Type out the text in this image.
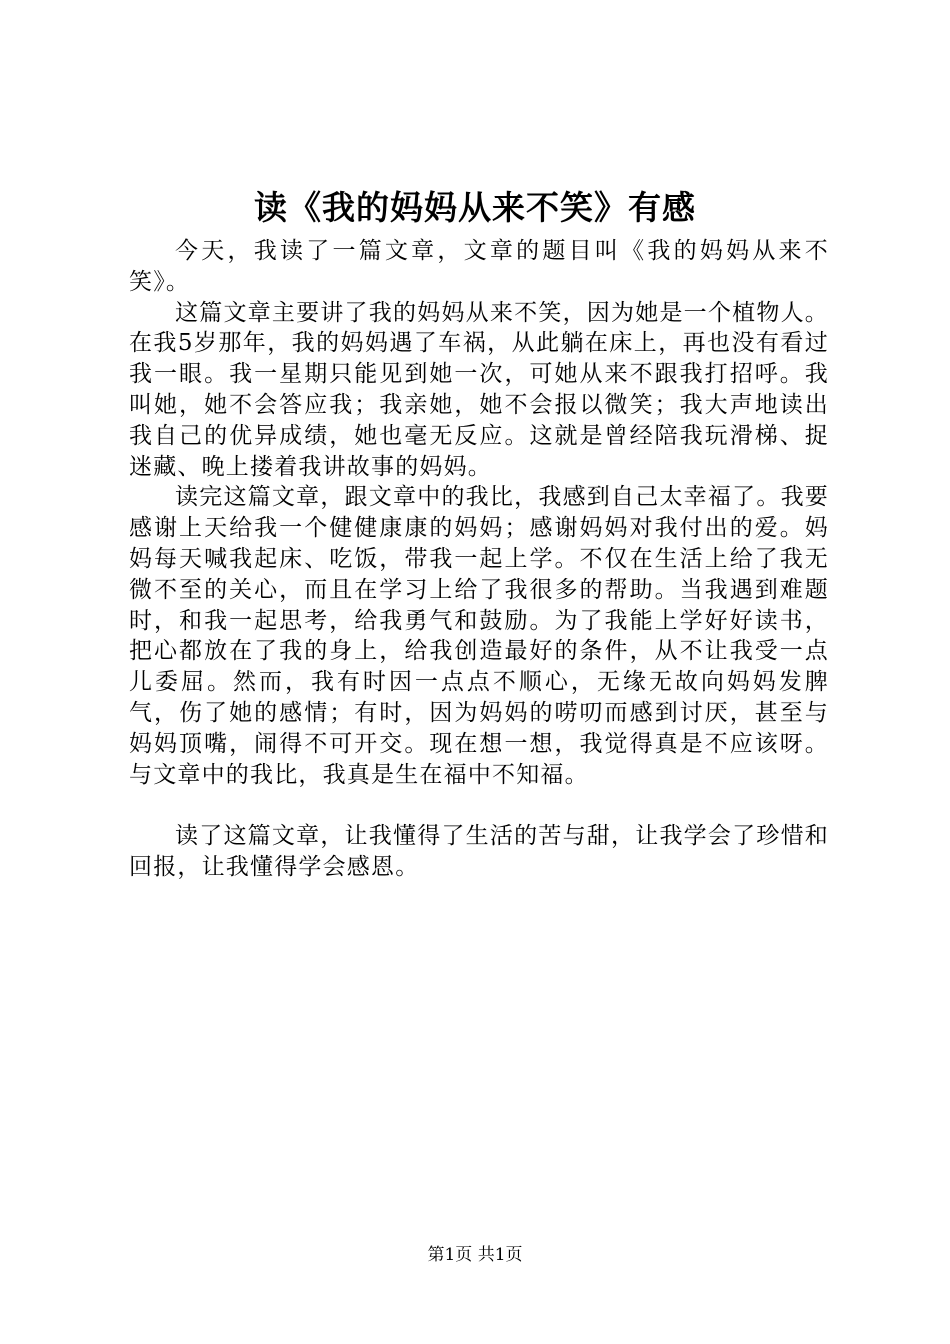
读《我的妈妈从来不笑》有感

今天，我读了一篇文章，文章的题目叫《我的妈妈从来不笑》。

这篇文章主要讲了我的妈妈从来不笑，因为她是一个植物人。在我5岁那年，我的妈妈遇了车祸，从此躺在床上，再也没有看过我一眼。我一星期只能见到她一次，可她从来不跟我打招呼。我叫她，她不会答应我；我亲她，她不会报以微笑；我大声地读出我自己的优异成绩，她也毫无反应。这就是曾经陪我玩滑梯、捉迷藏、晚上搂着我讲故事的妈妈。

读完这篇文章，跟文章中的我比，我感到自己太幸福了。我要感谢上天给我一个健健康康的妈妈；感谢妈妈对我付出的爱。妈妈每天喊我起床、吃饭，带我一起上学。不仅在生活上给了我无微不至的关心，而且在学习上给了我很多的帮助。当我遇到难题时，和我一起思考，给我勇气和鼓励。为了我能上学好好读书，把心都放在了我的身上，给我创造最好的条件，从不让我受一点儿委屈。然而，我有时因一点点不顺心，无缘无故向妈妈发脾气，伤了她的感情；有时，因为妈妈的唠叨而感到讨厌，甚至与妈妈顶嘴，闹得不可开交。现在想一想，我觉得真是不应该呀。与文章中的我比，我真是生在福中不知福。

读了这篇文章，让我懂得了生活的苦与甜，让我学会了珍惜和回报，让我懂得学会感恩。

第1页 共1页
